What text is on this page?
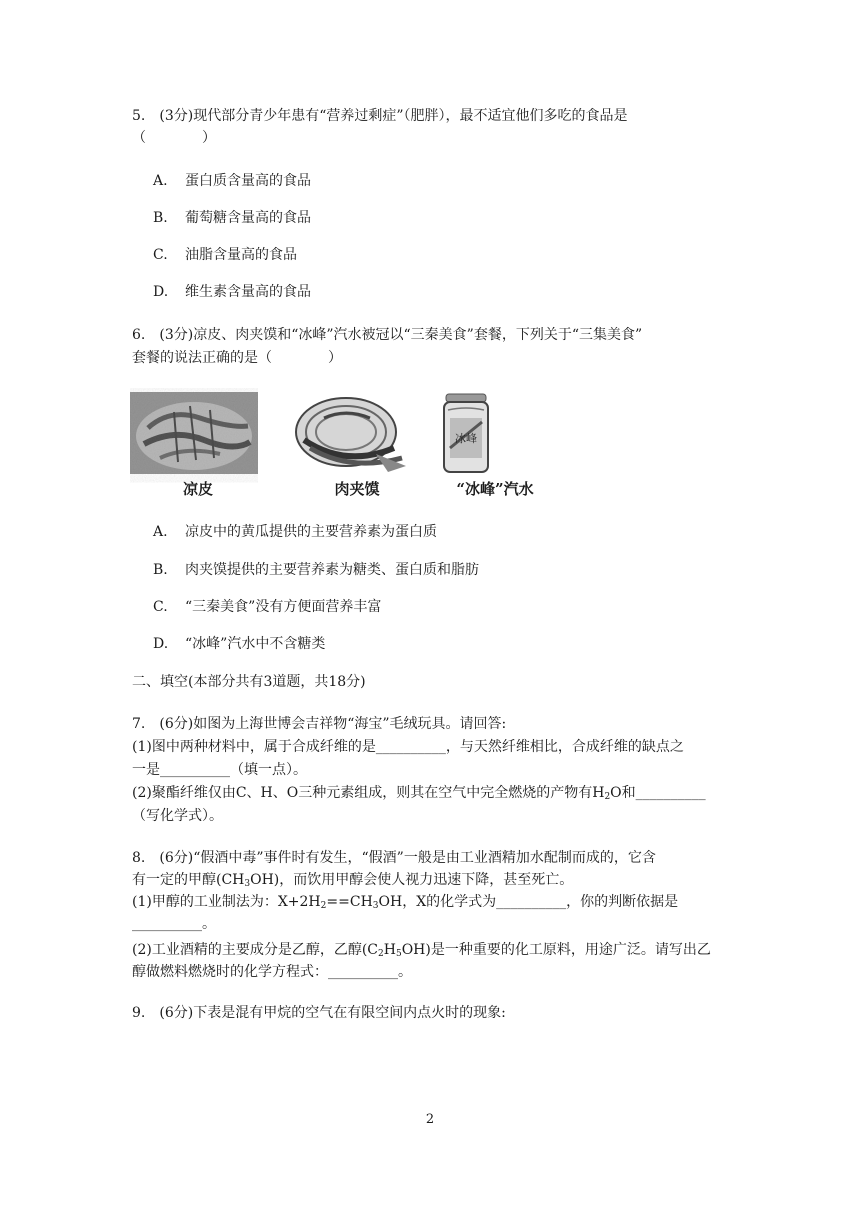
5.　(3分)现代部分青少年患有“营养过剩症”（肥胖），最不适宜他们多吃的食品是
（　　　　）
A. 蛋白质含量高的食品
B. 葡萄糖含量高的食品
C. 油脂含量高的食品
D. 维生素含量高的食品
6.　(3分)凉皮、肉夹馍和“冰峰”汽水被冠以“三秦美食”套餐，下列关于“三集美食”
套餐的说法正确的是（　　　　）
冰峰
凉皮	肉夹馍	“冰峰”汽水
A. 凉皮中的黄瓜提供的主要营养素为蛋白质
B. 肉夹馍提供的主要营养素为糖类、蛋白质和脂肪
C. “三秦美食”没有方便面营养丰富
D. “冰峰”汽水中不含糖类
二、填空(本部分共有3道题，共18分)
7.　(6分)如图为上海世博会吉祥物“海宝”毛绒玩具。请回答:
(1)图中两种材料中，属于合成纤维的是__________，与天然纤维相比，合成纤维的缺点之
一是__________（填一点）。
(2)聚酯纤维仅由C、H、O三种元素组成，则其在空气中完全燃烧的产物有$H_2O$和__________
（写化学式）。
8.　(6分)“假酒中毒”事件时有发生，“假酒”一般是由工业酒精加水配制而成的，它含
有一定的甲醇$(CH_3OH)$，而饮用甲醇会使人视力迅速下降，甚至死亡。
(1)甲醇的工业制法为：$X+2H_2==CH_3OH$，X的化学式为__________，你的判断依据是
__________。
(2)工业酒精的主要成分是乙醇，乙醇$(C_2H_5OH)$是一种重要的化工原料，用途广泛。请写出乙
醇做燃料燃烧时的化学方程式：__________。
9.　(6分)下表是混有甲烷的空气在有限空间内点火时的现象:
2
